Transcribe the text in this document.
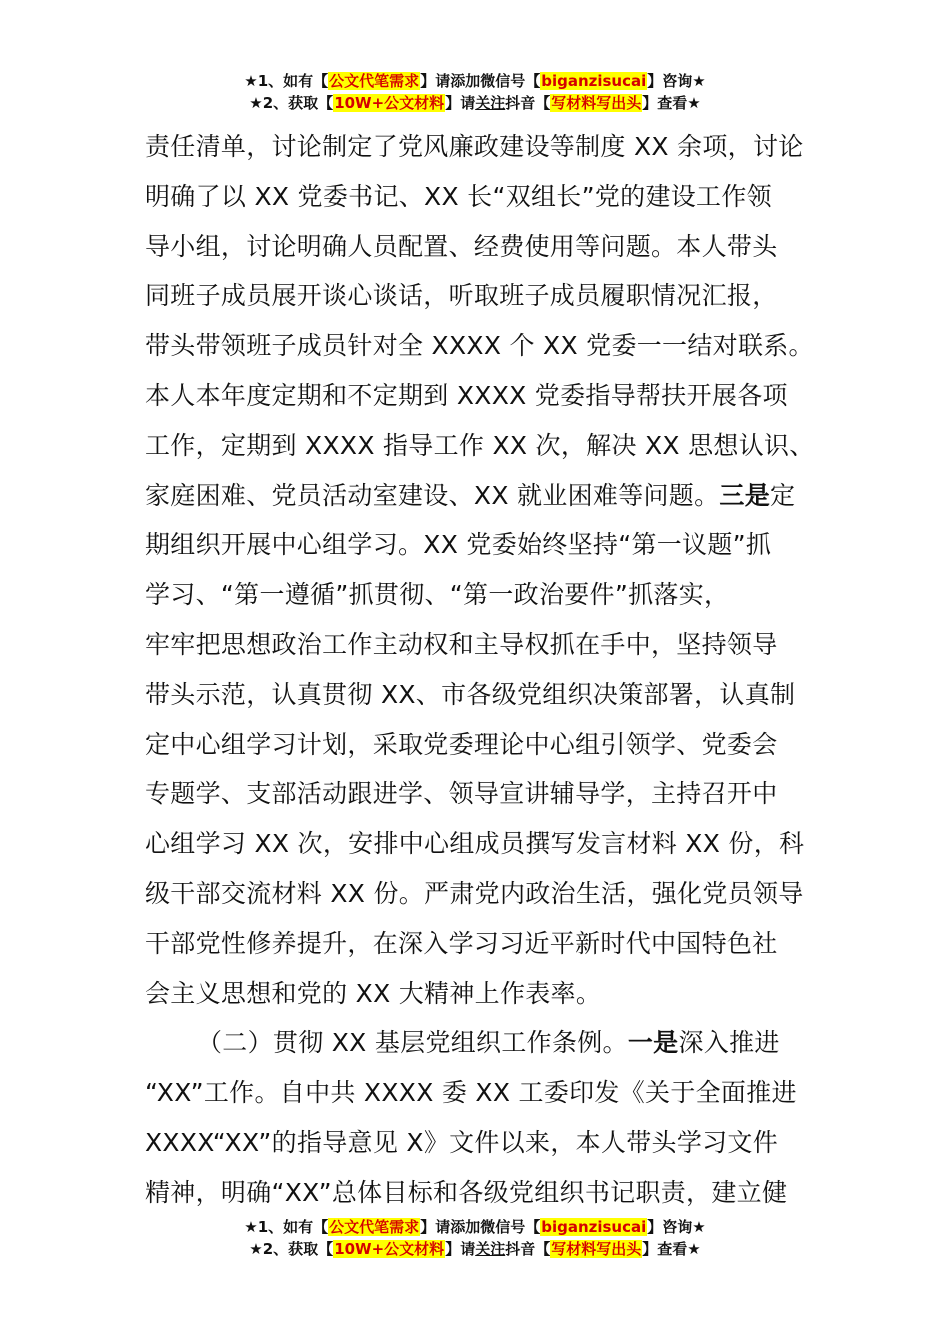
★1、如有【公文代笔需求】请添加微信号【biganzisucai】咨询★
★2、获取【10W+公文材料】请关注抖音【写材料写出头】查看★
责任清单，讨论制定了党风廉政建设等制度 XX 余项，讨论
明确了以 XX 党委书记、XX 长“双组长”党的建设工作领
导小组，讨论明确人员配置、经费使用等问题。本人带头
同班子成员展开谈心谈话，听取班子成员履职情况汇报，
带头带领班子成员针对全 XXXX 个 XX 党委一一结对联系。
本人本年度定期和不定期到 XXXX 党委指导帮扶开展各项
工作，定期到 XXXX 指导工作 XX 次，解决 XX 思想认识、
家庭困难、党员活动室建设、XX 就业困难等问题。三是定
期组织开展中心组学习。XX 党委始终坚持“第一议题”抓
学习、“第一遵循”抓贯彻、“第一政治要件”抓落实，
牢牢把思想政治工作主动权和主导权抓在手中，坚持领导
带头示范，认真贯彻 XX、市各级党组织决策部署，认真制
定中心组学习计划，采取党委理论中心组引领学、党委会
专题学、支部活动跟进学、领导宣讲辅导学，主持召开中
心组学习 XX 次，安排中心组成员撰写发言材料 XX 份，科
级干部交流材料 XX 份。严肃党内政治生活，强化党员领导
干部党性修养提升，在深入学习习近平新时代中国特色社
会主义思想和党的 XX 大精神上作表率。
（二）贯彻 XX 基层党组织工作条例。一是深入推进
“XX”工作。自中共 XXXX 委 XX 工委印发《关于全面推进
XXXX“XX”的指导意见 X》文件以来，本人带头学习文件
精神，明确“XX”总体目标和各级党组织书记职责，建立健
★1、如有【公文代笔需求】请添加微信号【biganzisucai】咨询★
★2、获取【10W+公文材料】请关注抖音【写材料写出头】查看★
